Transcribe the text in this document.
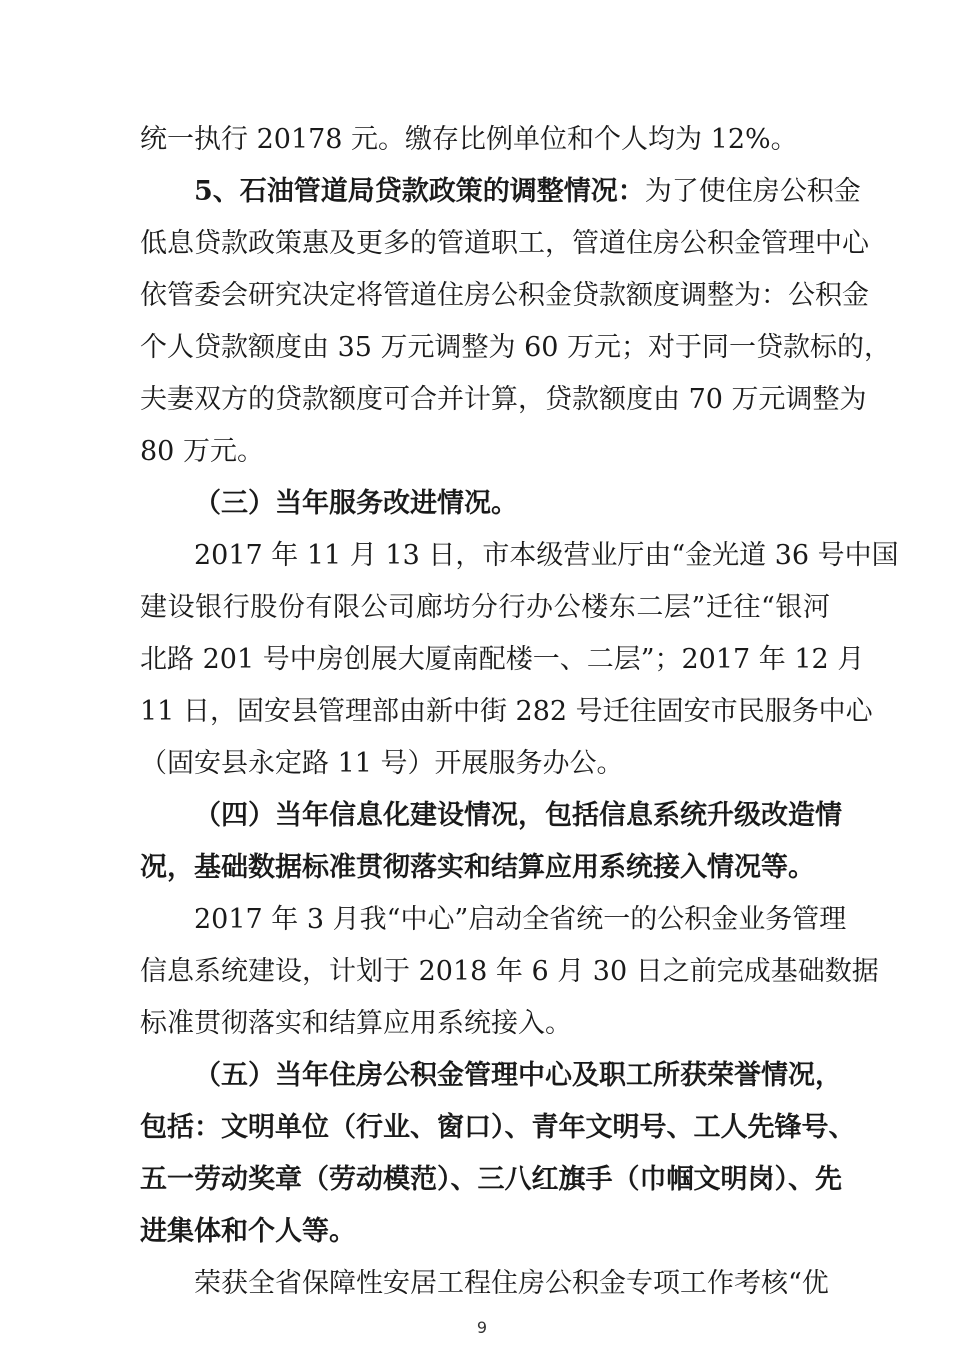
统一执行 20178 元。缴存比例单位和个人均为 12%。
5、石油管道局贷款政策的调整情况：为了使住房公积金
低息贷款政策惠及更多的管道职工，管道住房公积金管理中心
依管委会研究决定将管道住房公积金贷款额度调整为：公积金
个人贷款额度由 35 万元调整为 60 万元；对于同一贷款标的，
夫妻双方的贷款额度可合并计算，贷款额度由 70 万元调整为
80 万元。
（三）当年服务改进情况。
2017 年 11 月 13 日，市本级营业厅由“金光道 36 号中国
建设银行股份有限公司廊坊分行办公楼东二层”迁往“银河
北路 201 号中房创展大厦南配楼一、二层”；2017 年 12 月
11 日，固安县管理部由新中街 282 号迁往固安市民服务中心
（固安县永定路 11 号）开展服务办公。
（四）当年信息化建设情况，包括信息系统升级改造情
况，基础数据标准贯彻落实和结算应用系统接入情况等。
2017 年 3 月我“中心”启动全省统一的公积金业务管理
信息系统建设，计划于 2018 年 6 月 30 日之前完成基础数据
标准贯彻落实和结算应用系统接入。
（五）当年住房公积金管理中心及职工所获荣誉情况，
包括：文明单位（行业、窗口）、青年文明号、工人先锋号、
五一劳动奖章（劳动模范）、三八红旗手（巾帼文明岗）、先
进集体和个人等。
荣获全省保障性安居工程住房公积金专项工作考核“优
9
